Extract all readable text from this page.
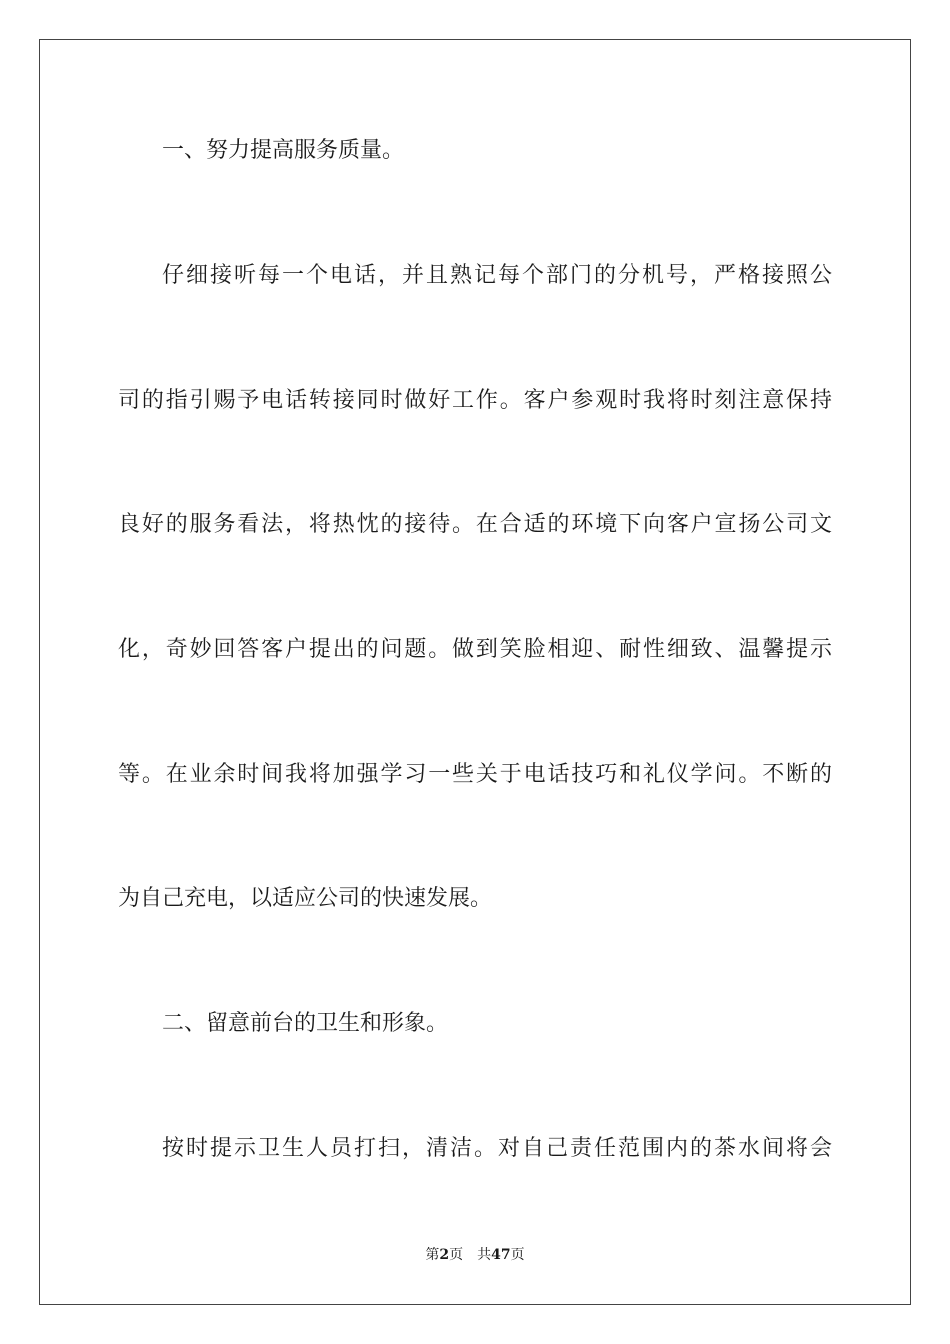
一、努力提高服务质量。
仔细接听每一个电话，并且熟记每个部门的分机号，严格接照公
司的指引赐予电话转接同时做好工作。客户参观时我将时刻注意保持
良好的服务看法，将热忱的接待。在合适的环境下向客户宣扬公司文
化，奇妙回答客户提出的问题。做到笑脸相迎、耐性细致、温馨提示
等。在业余时间我将加强学习一些关于电话技巧和礼仪学问。不断的
为自己充电，以适应公司的快速发展。
二、留意前台的卫生和形象。
按时提示卫生人员打扫，清洁。对自己责任范围内的茶水间将会
第2页 共47页
